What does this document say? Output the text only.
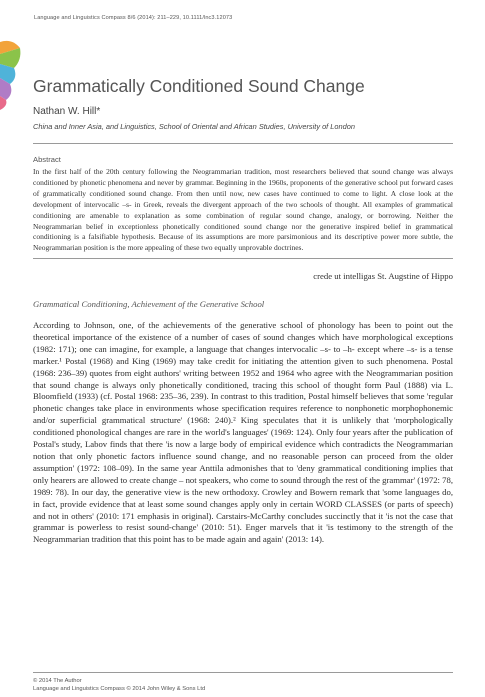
Language and Linguistics Compass 8/6 (2014): 211–229, 10.1111/lnc3.12073
Grammatically Conditioned Sound Change
Nathan W. Hill*
China and Inner Asia, and Linguistics, School of Oriental and African Studies, University of London
Abstract
In the first half of the 20th century following the Neogrammarian tradition, most researchers believed that sound change was always conditioned by phonetic phenomena and never by grammar. Beginning in the 1960s, proponents of the generative school put forward cases of grammatically conditioned sound change. From then until now, new cases have continued to come to light. A close look at the development of intervocalic –s- in Greek, reveals the divergent approach of the two schools of thought. All examples of grammatical conditioning are amenable to explanation as some combination of regular sound change, analogy, or borrowing. Neither the Neogrammarian belief in exceptionless phonetically conditioned sound change nor the generative inspired belief in grammatical conditioning is a falsifiable hypothesis. Because of its assumptions are more parsimonious and its descriptive power more subtle, the Neogrammarian position is the more appealing of these two equally unprovable doctrines.
crede ut intelligas St. Augstine of Hippo
Grammatical Conditioning, Achievement of the Generative School
According to Johnson, one, of the achievements of the generative school of phonology has been to point out the theoretical importance of the existence of a number of cases of sound changes which have morphological exceptions (1982: 171); one can imagine, for example, a language that changes intervocalic –s- to –h- except where –s- is a tense marker.¹ Postal (1968) and King (1969) may take credit for initiating the attention given to such phenomena. Postal (1968: 236–39) quotes from eight authors' writing between 1952 and 1964 who agree with the Neogrammarian position that sound change is always only phonetically conditioned, tracing this school of thought form Paul (1888) via L. Bloomfield (1933) (cf. Postal 1968: 235–36, 239). In contrast to this tradition, Postal himself believes that some 'regular phonetic changes take place in environments whose specification requires reference to nonphonetic morphophonemic and/or superficial grammatical structure' (1968: 240).² King speculates that it is unlikely that 'morphologically conditioned phonological changes are rare in the world's languages' (1969: 124). Only four years after the publication of Postal's study, Labov finds that there 'is now a large body of empirical evidence which contradicts the Neogrammarian notion that only phonetic factors influence sound change, and no reasonable person can proceed from the older assumption' (1972: 108–09). In the same year Anttila admonishes that to 'deny grammatical conditioning implies that only hearers are allowed to create change – not speakers, who come to sound through the rest of the grammar' (1972: 78, 1989: 78). In our day, the generative view is the new orthodoxy. Crowley and Bowern remark that 'some languages do, in fact, provide evidence that at least some sound changes apply only in certain WORD CLASSES (or parts of speech) and not in others' (2010: 171 emphasis in original). Carstairs-McCarthy concludes succinctly that it 'is not the case that grammar is powerless to resist sound-change' (2010: 51). Enger marvels that it 'is testimony to the strength of the Neogrammarian tradition that this point has to be made again and again' (2013: 14).
© 2014 The Author
Language and Linguistics Compass © 2014 John Wiley & Sons Ltd
